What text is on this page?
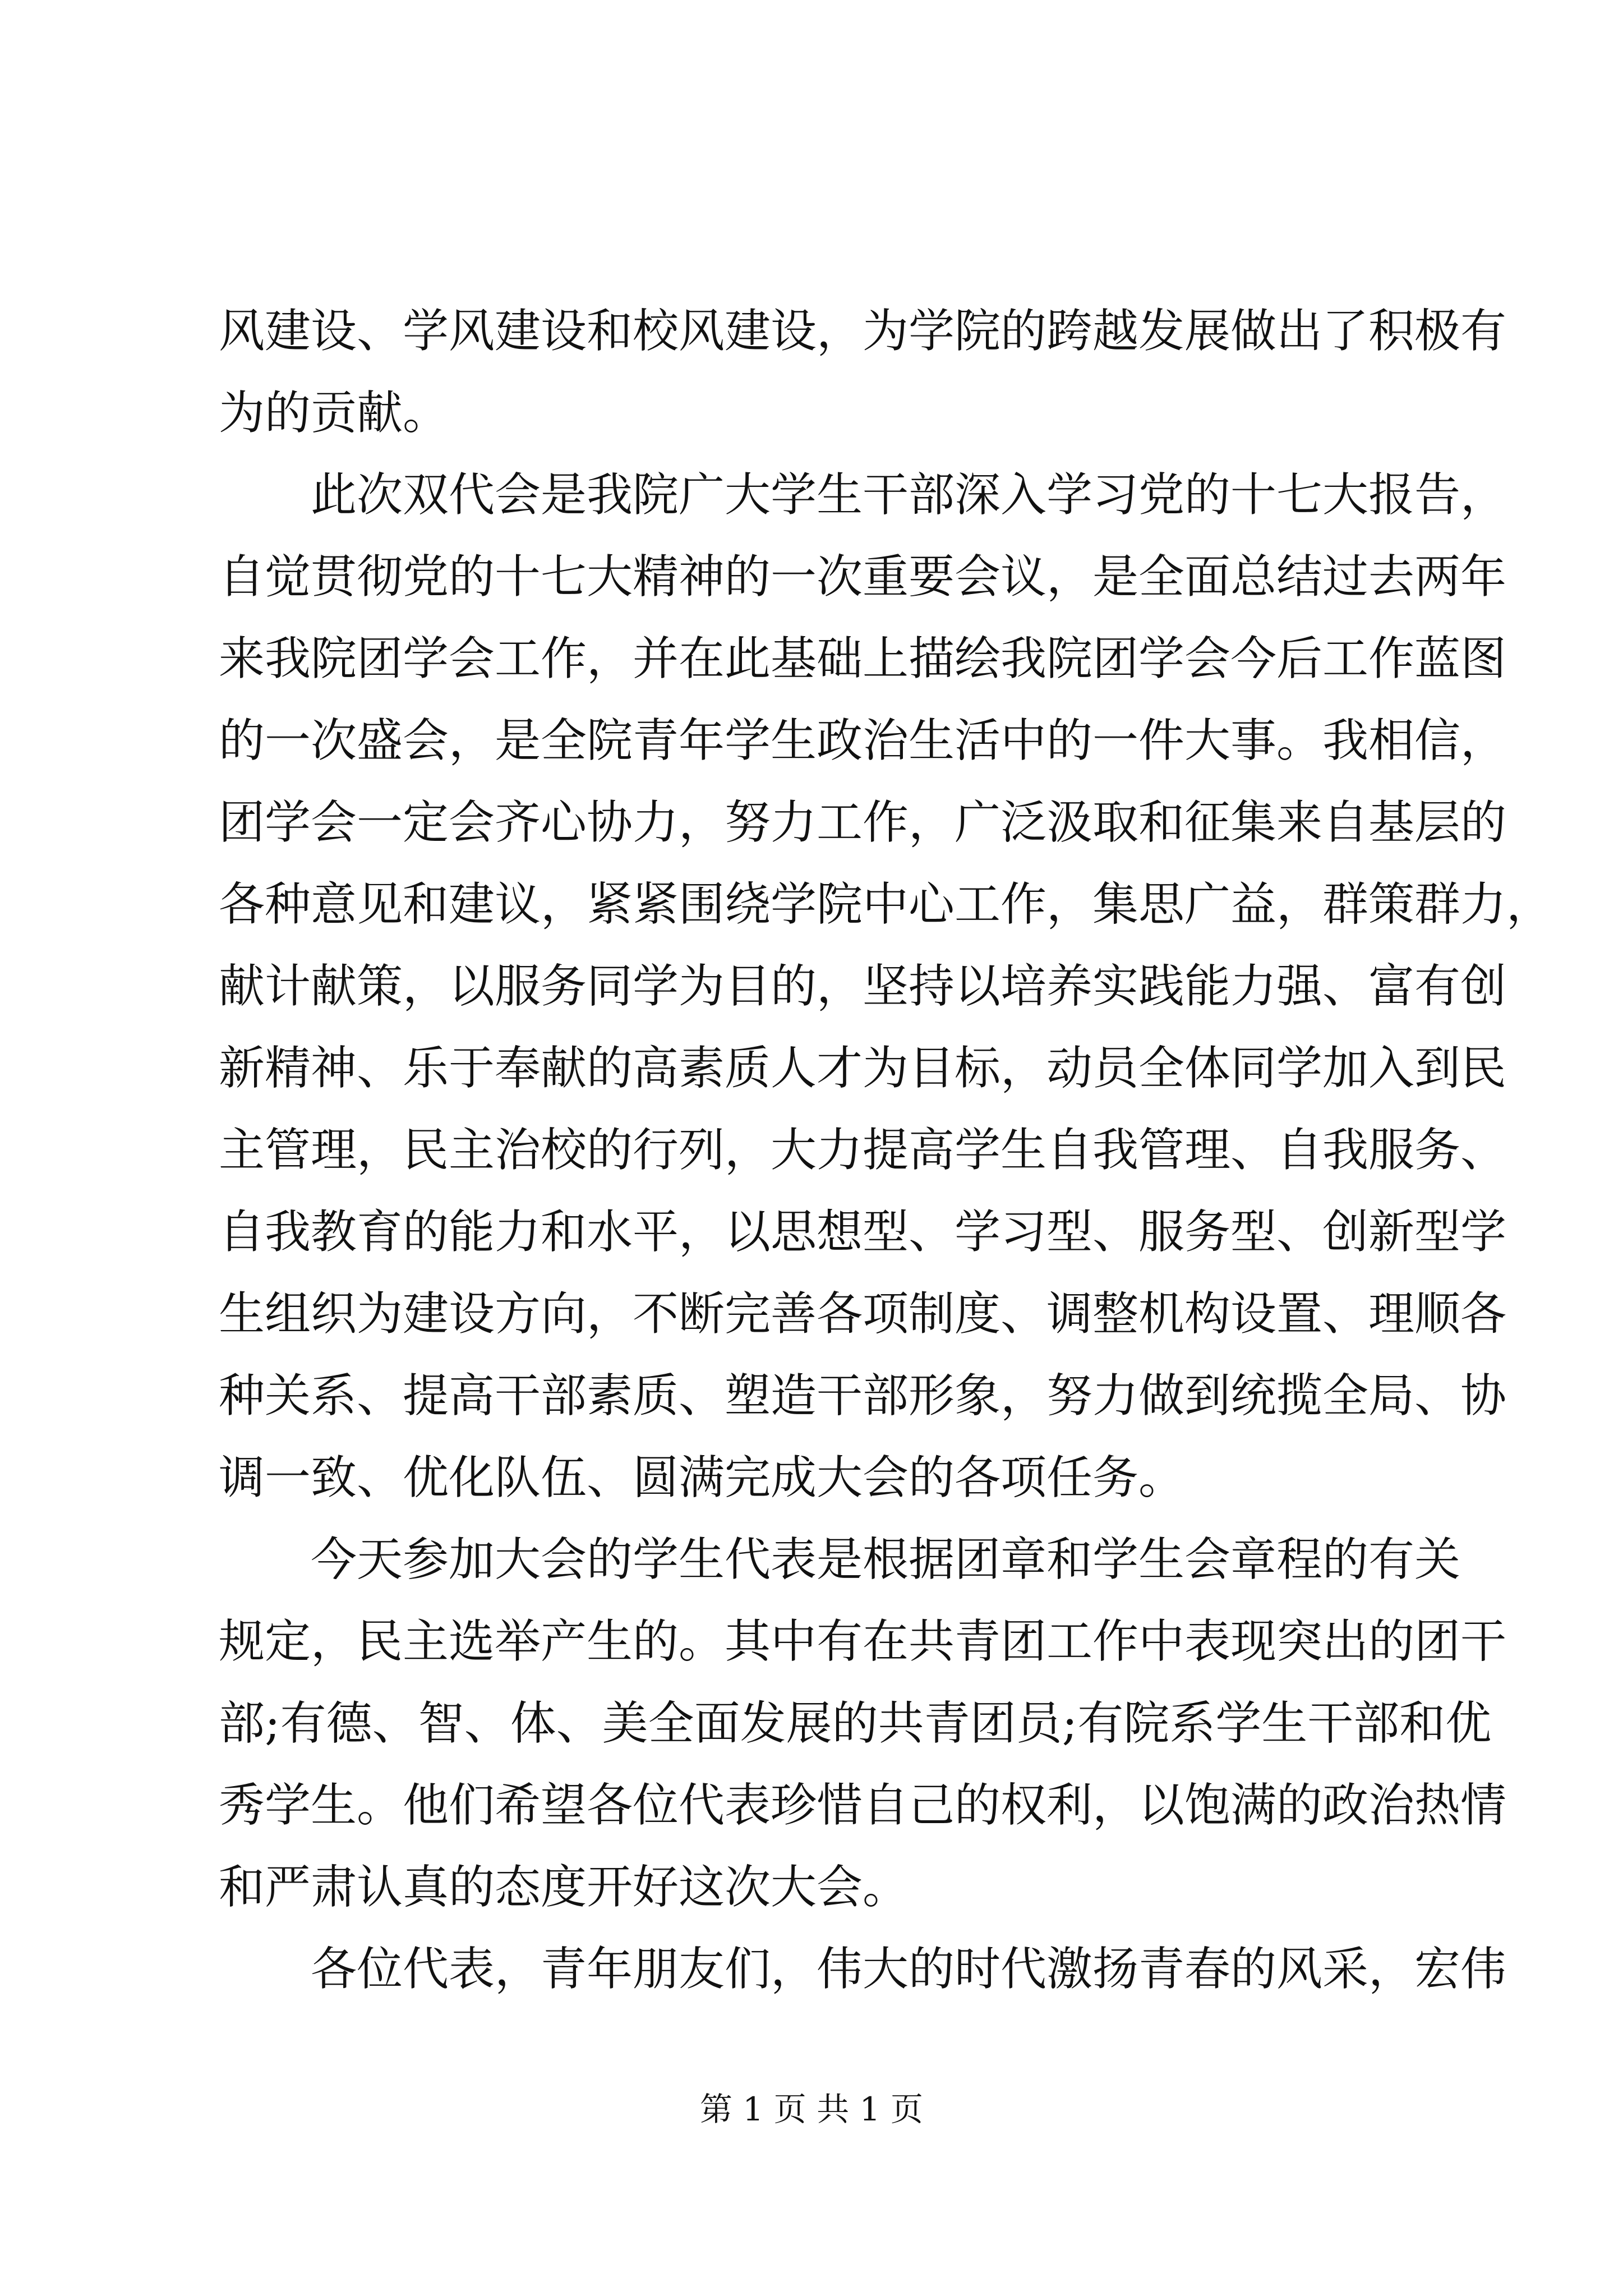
风建设、学风建设和校风建设，为学院的跨越发展做出了积极有

为的贡献。

　　此次双代会是我院广大学生干部深入学习党的十七大报告，

自觉贯彻党的十七大精神的一次重要会议，是全面总结过去两年

来我院团学会工作，并在此基础上描绘我院团学会今后工作蓝图

的一次盛会，是全院青年学生政治生活中的一件大事。我相信，

团学会一定会齐心协力，努力工作，广泛汲取和征集来自基层的

各种意见和建议，紧紧围绕学院中心工作，集思广益，群策群力，

献计献策，以服务同学为目的，坚持以培养实践能力强、富有创

新精神、乐于奉献的高素质人才为目标，动员全体同学加入到民

主管理，民主治校的行列，大力提高学生自我管理、自我服务、

自我教育的能力和水平，以思想型、学习型、服务型、创新型学

生组织为建设方向，不断完善各项制度、调整机构设置、理顺各

种关系、提高干部素质、塑造干部形象，努力做到统揽全局、协

调一致、优化队伍、圆满完成大会的各项任务。

　　今天参加大会的学生代表是根据团章和学生会章程的有关

规定，民主选举产生的。其中有在共青团工作中表现突出的团干

部;有德、智、体、美全面发展的共青团员;有院系学生干部和优

秀学生。他们希望各位代表珍惜自己的权利，以饱满的政治热情

和严肃认真的态度开好这次大会。

　　各位代表，青年朋友们，伟大的时代激扬青春的风采，宏伟

第 1 页 共 1 页
